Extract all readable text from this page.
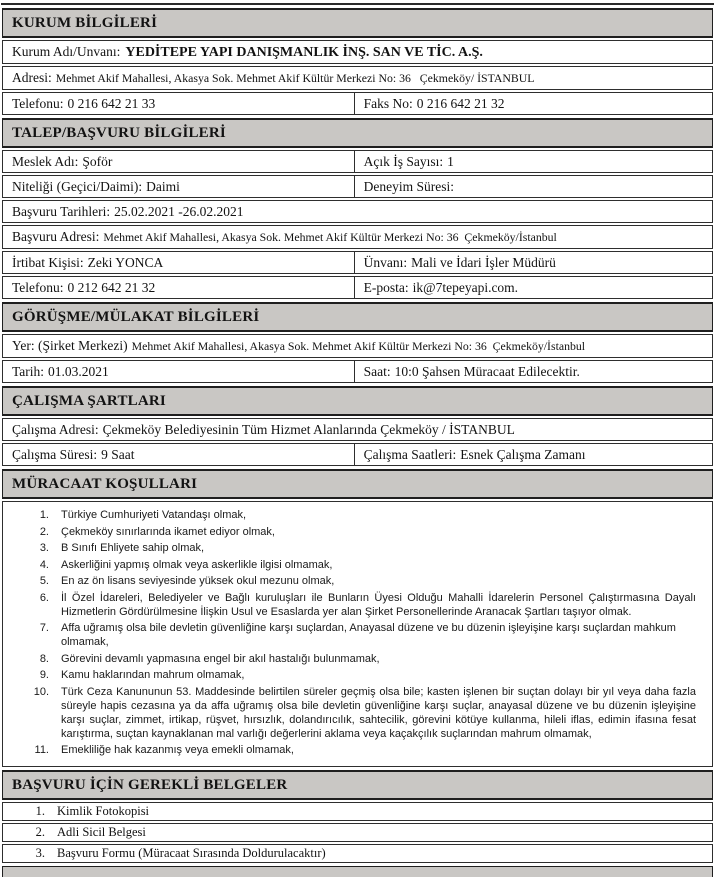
KURUM BİLGİLERİ
Kurum Adı/Unvanı: YEDİTEPE YAPI DANIŞMANLIK İNŞ. SAN VE TİC. A.Ş.
Adresi: Mehmet Akif Mahallesi, Akasya Sok. Mehmet Akif Kültür Merkezi No: 36   Çekmeköy/ İSTANBUL
Telefonu: 0 216 642 21 33	Faks No: 0 216 642 21 32
TALEP/BAŞVURU BİLGİLERİ
Meslek Adı: Şoför	Açık İş Sayısı: 1
Niteliği (Geçici/Daimi): Daimi	Deneyim Süresi:
Başvuru Tarihleri: 25.02.2021 -26.02.2021
Başvuru Adresi: Mehmet Akif Mahallesi, Akasya Sok. Mehmet Akif Kültür Merkezi No: 36  Çekmeköy/İstanbul
İrtibat Kişisi: Zeki YONCA	Ünvanı: Mali ve İdari İşler Müdürü
Telefonu: 0 212 642 21 32	E-posta: ik@7tepeyapi.com.
GÖRÜŞME/MÜLAKAT BİLGİLERİ
Yer: (Şirket Merkezi) Mehmet Akif Mahallesi, Akasya Sok. Mehmet Akif Kültür Merkezi No: 36  Çekmeköy/İstanbul
Tarih: 01.03.2021	Saat: 10:0 Şahsen Müracaat Edilecektir.
ÇALIŞMA ŞARTLARI
Çalışma Adresi: Çekmeköy Belediyesinin Tüm Hizmet Alanlarında Çekmeköy / İSTANBUL
Çalışma Süresi: 9 Saat	Çalışma Saatleri: Esnek Çalışma Zamanı
MÜRACAAT KOŞULLARI
1.	Türkiye Cumhuriyeti Vatandaşı olmak,
2.	Çekmeköy sınırlarında ikamet ediyor olmak,
3.	B Sınıfı Ehliyete sahip olmak,
4.	Askerliğini yapmış olmak veya askerlikle ilgisi olmamak,
5.	En az ön lisans seviyesinde yüksek okul mezunu olmak,
6.	İl Özel İdareleri, Belediyeler ve Bağlı kuruluşları ile Bunların Üyesi Olduğu Mahalli İdarelerin Personel Çalıştırmasına Dayalı Hizmetlerin Gördürülmesine İlişkin Usul ve Esaslarda yer alan Şirket Personellerinde Aranacak Şartları taşıyor olmak.
7.	Affa uğramış olsa bile devletin güvenliğine karşı suçlardan, Anayasal düzene ve bu düzenin işleyişine karşı suçlardan mahkum olmamak,
8.	Görevini devamlı yapmasına engel bir akıl hastalığı bulunmamak,
9.	Kamu haklarından mahrum olmamak,
10.	Türk Ceza Kanununun 53. Maddesinde belirtilen süreler geçmiş olsa bile; kasten işlenen bir suçtan dolayı bir yıl veya daha fazla süreyle hapis cezasına ya da affa uğramış olsa bile devletin güvenliğine karşı suçlar, anayasal düzene ve bu düzenin işleyişine karşı suçlar, zimmet, irtikap, rüşvet, hırsızlık, dolandırıcılık, sahtecilik, görevini kötüye kullanma, hileli iflas, edimin ifasına fesat karıştırma, suçtan kaynaklanan mal varlığı değerlerini aklama veya kaçakçılık suçlarından mahrum olmamak,
11.	Emekliliğe hak kazanmış veya emekli olmamak,
BAŞVURU İÇİN GEREKLİ BELGELER
1. Kimlik Fotokopisi
2. Adli Sicil Belgesi
3. Başvuru Formu (Müracaat Sırasında Doldurulacaktır)
